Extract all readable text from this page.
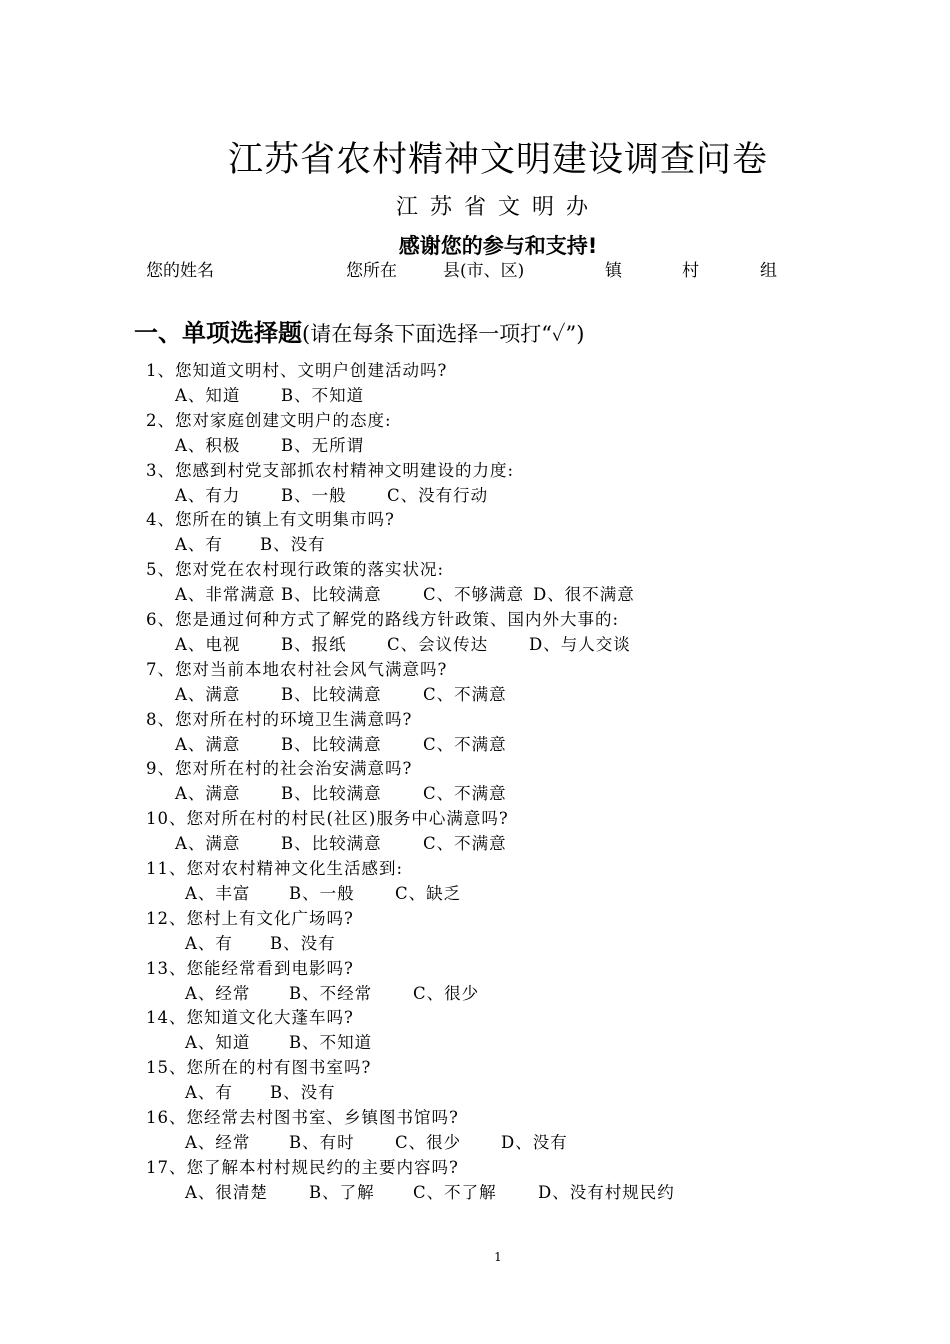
江苏省农村精神文明建设调查问卷
江苏省文明办
感谢您的参与和支持!
您的姓名	您所在	县(市、区)	镇	村	组
一、单项选择题(请在每条下面选择一项打“✓”)
1、您知道文明村、文明户创建活动吗?
A、知道 B、不知道
2、您对家庭创建文明户的态度:
A、积极 B、无所谓
3、您感到村党支部抓农村精神文明建设的力度:
A、有力 B、一般 C、没有行动
4、您所在的镇上有文明集市吗?
A、有 B、没有
5、您对党在农村现行政策的落实状况:
A、非常满意 B、比较满意	C、不够满意 D、很不满意
6、您是通过何种方式了解党的路线方针政策、国内外大事的:
A、电视 B、报纸 C、会议传达 D、与人交谈
7、您对当前本地农村社会风气满意吗?
A、满意 B、比较满意	C、不满意
8、您对所在村的环境卫生满意吗?
A、满意 B、比较满意	C、不满意
9、您对所在村的社会治安满意吗?
A、满意 B、比较满意	C、不满意
10、您对所在村的村民(社区)服务中心满意吗?
A、满意 B、比较满意	C、不满意
11、您对农村精神文化生活感到:
A、丰富 B、一般 C、缺乏
12、您村上有文化广场吗?
A、有 B、没有
13、您能经常看到电影吗?
A、经常 B、不经常 C、很少
14、您知道文化大蓬车吗?
A、知道 B、不知道
15、您所在的村有图书室吗?
A、有 B、没有
16、您经常去村图书室、乡镇图书馆吗?
A、经常 B、有时 C、很少 D、没有
17、您了解本村村规民约的主要内容吗?
A、很清楚 B、了解 C、不了解	D、没有村规民约
1
